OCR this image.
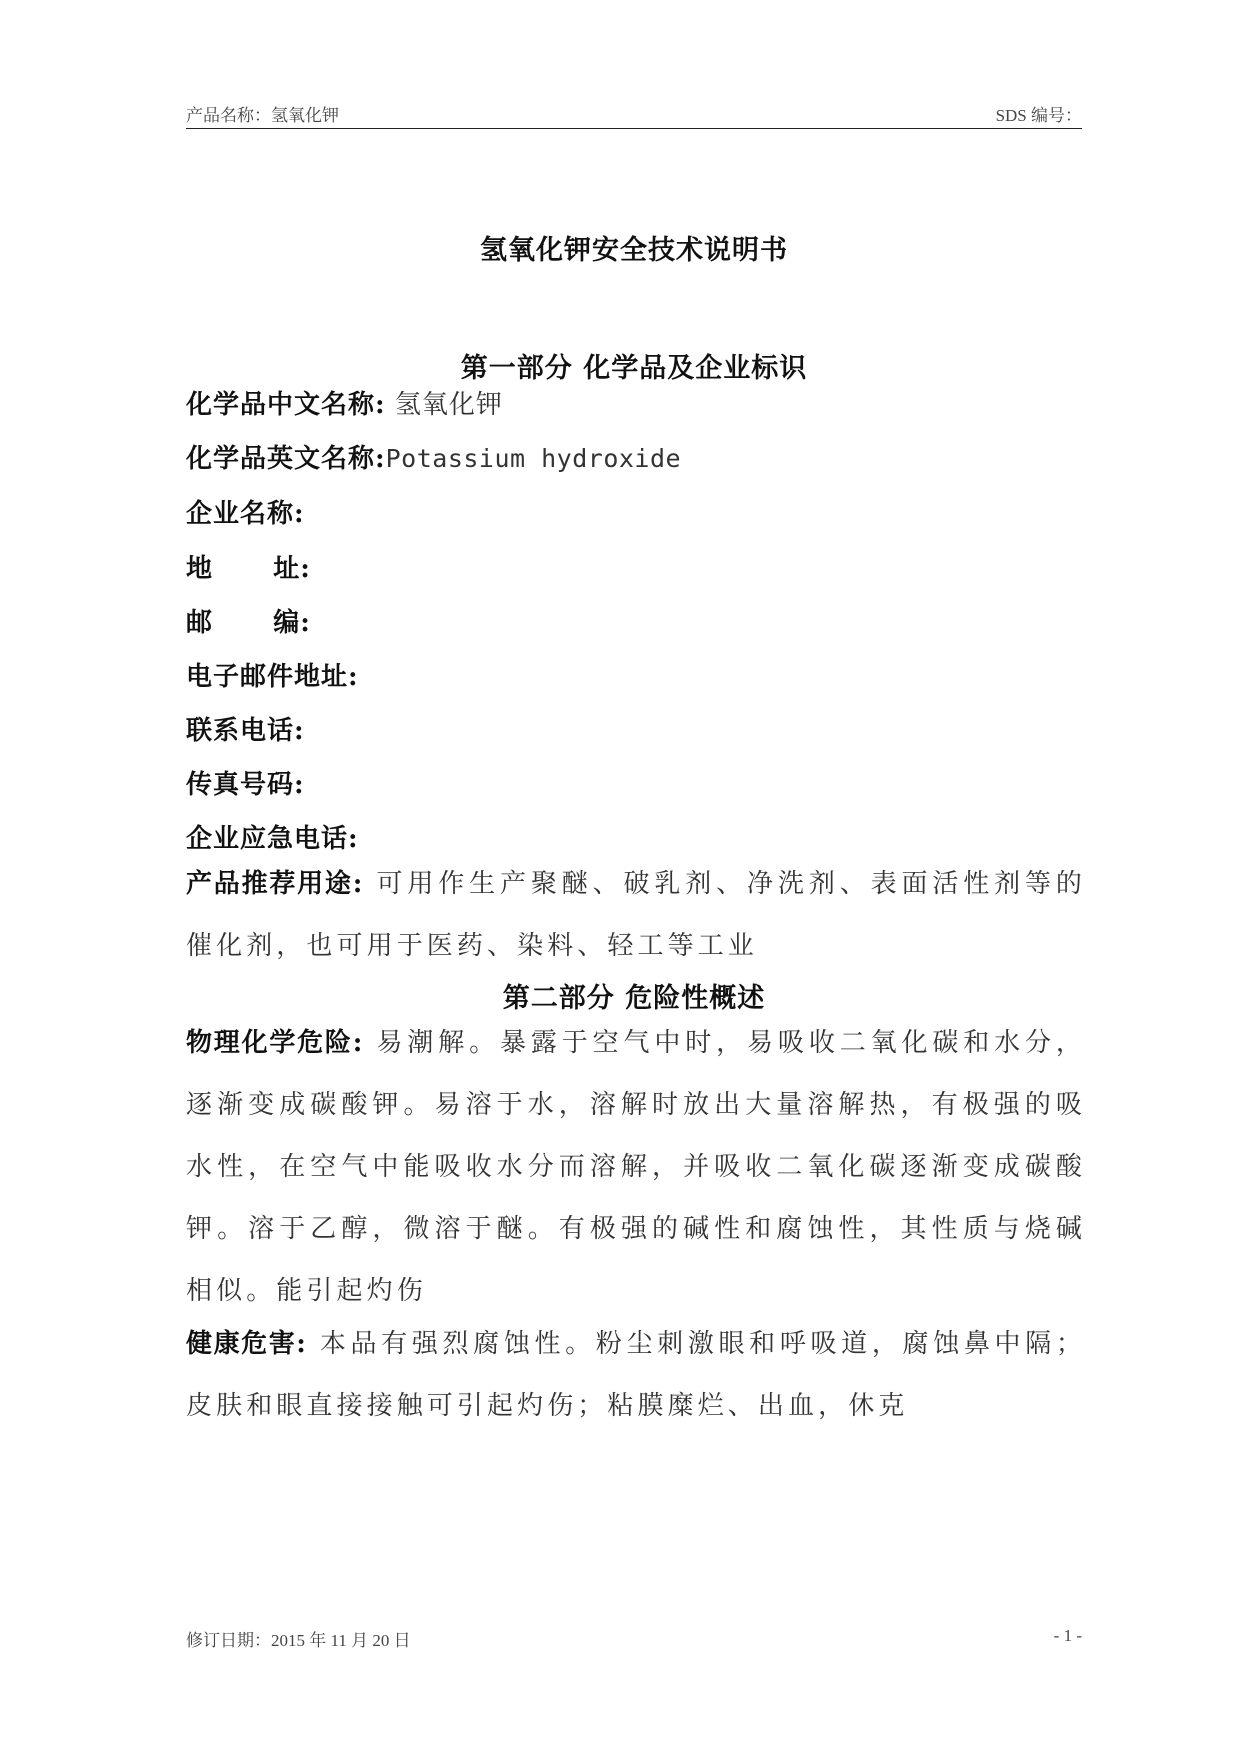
产品名称：氢氧化钾	SDS 编号：
氢氧化钾安全技术说明书
第一部分 化学品及企业标识
化学品中文名称: 氢氧化钾
化学品英文名称:Potassium hydroxide
企业名称:
地      址:
邮      编:
电子邮件地址:
联系电话:
传真号码:
企业应急电话:
产品推荐用途: 可用作生产聚醚、破乳剂、净洗剂、表面活性剂等的催化剂，也可用于医药、染料、轻工等工业
第二部分 危险性概述
物理化学危险: 易潮解。暴露于空气中时，易吸收二氧化碳和水分，逐渐变成碳酸钾。易溶于水，溶解时放出大量溶解热，有极强的吸水性，在空气中能吸收水分而溶解，并吸收二氧化碳逐渐变成碳酸钾。溶于乙醇，微溶于醚。有极强的碱性和腐蚀性，其性质与烧碱相似。能引起灼伤
健康危害: 本品有强烈腐蚀性。粉尘刺激眼和呼吸道，腐蚀鼻中隔；皮肤和眼直接接触可引起灼伤；粘膜糜烂、出血，休克
修订日期：2015 年 11 月 20 日	- 1 -
